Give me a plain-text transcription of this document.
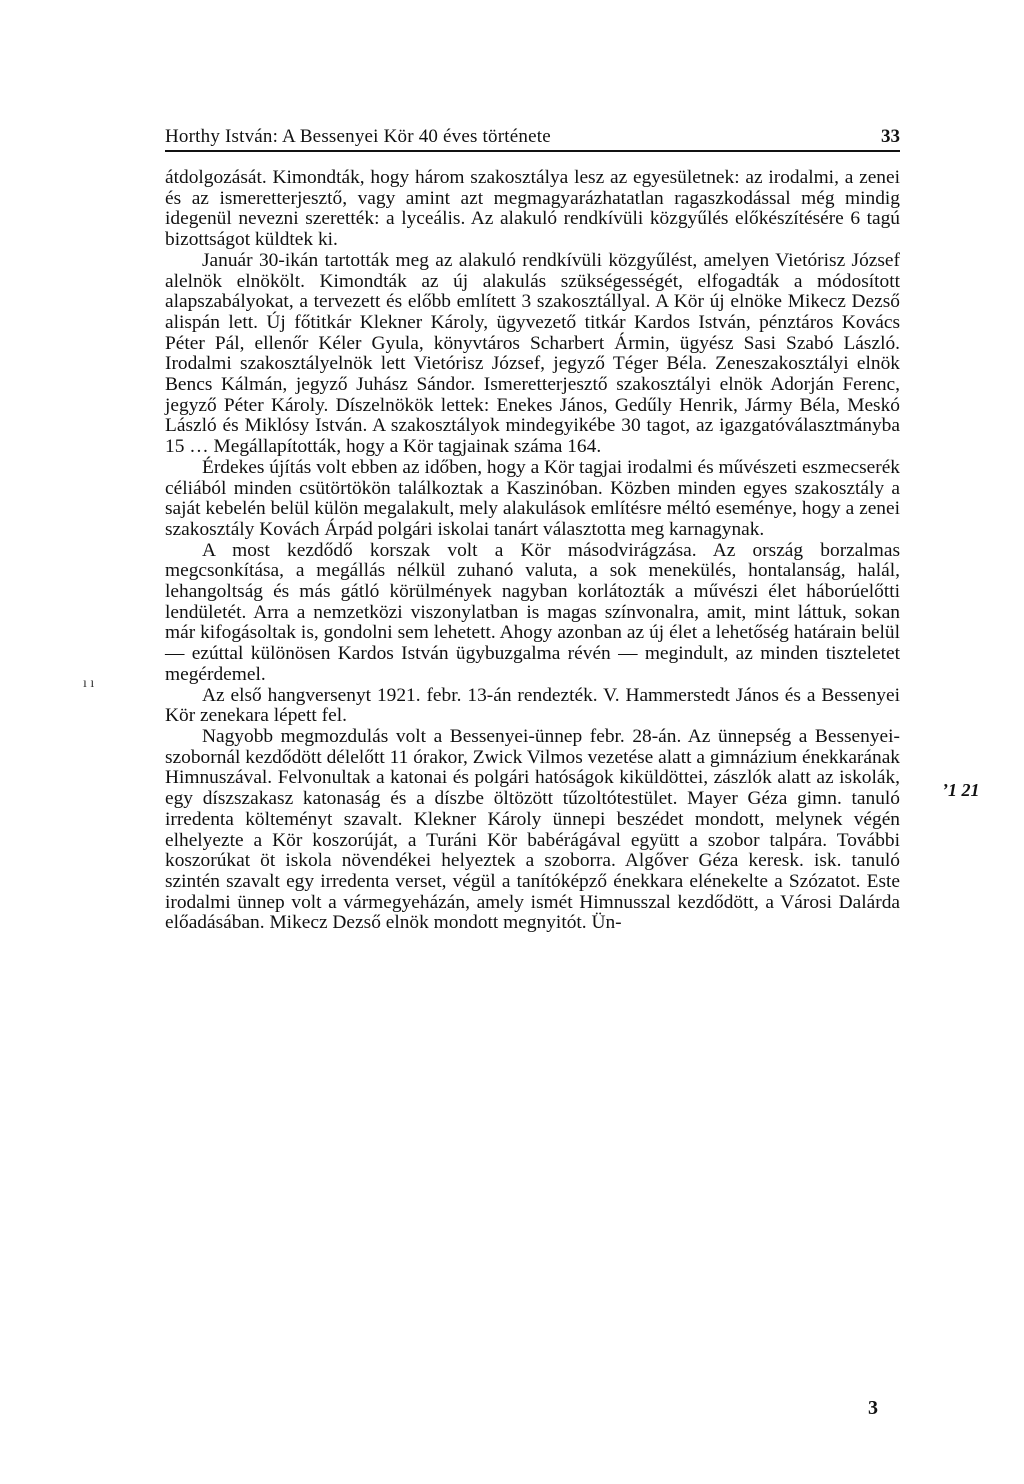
Horthy István: A Bessenyei Kör 40 éves története	33
ı ı
ʼ1 21

átdolgozását. Kimondták, hogy három szakosztálya lesz az egyesületnek: az irodalmi, a zenei és az ismeretterjesztő, vagy amint azt megmagyarázhatatlan ragaszkodással még mindig idegenül nevezni szerették: a lyceális. Az alakuló rendkívüli közgyűlés előkészítésére 6 tagú bizottságot küldtek ki.

Január 30-ikán tartották meg az alakuló rendkívüli közgyűlést, amelyen Vietórisz József alelnök elnökölt. Kimondták az új alakulás szükségességét, elfogadták a módosított alapszabályokat, a tervezett és előbb említett 3 szakosztállyal. A Kör új elnöke Mikecz Dezső alispán lett. Új főtitkár Klekner Károly, ügyvezető titkár Kardos István, pénztáros Kovács Péter Pál, ellenőr Kéler Gyula, könyvtáros Scharbert Ármin, ügyész Sasi Szabó László. Irodalmi szakosztályelnök lett Vietórisz József, jegyző Téger Béla. Zeneszakosztályi elnök Bencs Kálmán, jegyző Juhász Sándor. Ismeretterjesztő szakosztályi elnök Adorján Ferenc, jegyző Péter Károly. Díszelnökök lettek: Enekes János, Gedűly Henrik, Jármy Béla, Meskó László és Miklósy István. A szakosztályok mindegyikébe 30 tagot, az igazgatóválasztmányba 15 … Megállapították, hogy a Kör tagjainak száma 164.

Érdekes újítás volt ebben az időben, hogy a Kör tagjai irodalmi és művészeti eszmecserék céliából minden csütörtökön találkoztak a Kaszinóban. Közben minden egyes szakosztály a saját kebelén belül külön megalakult, mely alakulások említésre méltó eseménye, hogy a zenei szakosztály Kovách Árpád polgári iskolai tanárt választotta meg karnagynak.

A most kezdődő korszak volt a Kör másodvirágzása. Az ország borzalmas megcsonkítása, a megállás nélkül zuhanó valuta, a sok menekülés, hontalanság, halál, lehangoltság és más gátló körülmények nagyban korlátozták a művészi élet háborúelőtti lendületét. Arra a nemzetközi viszonylatban is magas színvonalra, amit, mint láttuk, sokan már kifogásoltak is, gondolni sem lehetett. Ahogy azonban az új élet a lehetőség határain belül — ezúttal különösen Kardos István ügybuzgalma révén — megindult, az minden tiszteletet megérdemel.

Az első hangversenyt 1921. febr. 13-án rendezték. V. Hammerstedt János és a Bessenyei Kör zenekara lépett fel.

Nagyobb megmozdulás volt a Bessenyei-ünnep febr. 28-án. Az ünnepség a Bessenyei-szobornál kezdődött délelőtt 11 órakor, Zwick Vilmos vezetése alatt a gimnázium énekkarának Himnuszával. Felvonultak a katonai és polgári hatóságok kiküldöttei, zászlók alatt az iskolák, egy díszszakasz katonaság és a díszbe öltözött tűzoltótestület. Mayer Géza gimn. tanuló irredenta költeményt szavalt. Klekner Károly ünnepi beszédet mondott, melynek végén elhelyezte a Kör koszorúját, a Turáni Kör babérágával együtt a szobor talpára. További koszorúkat öt iskola növendékei helyeztek a szoborra. Algőver Géza keresk. isk. tanuló szintén szavalt egy irredenta verset, végül a tanítóképző énekkara elénekelte a Szózatot. Este irodalmi ünnep volt a vármegyeházán, amely ismét Himnusszal kezdődött, a Városi Dalárda előadásában. Mikecz Dezső elnök mondott megnyitót. Ün-

3
